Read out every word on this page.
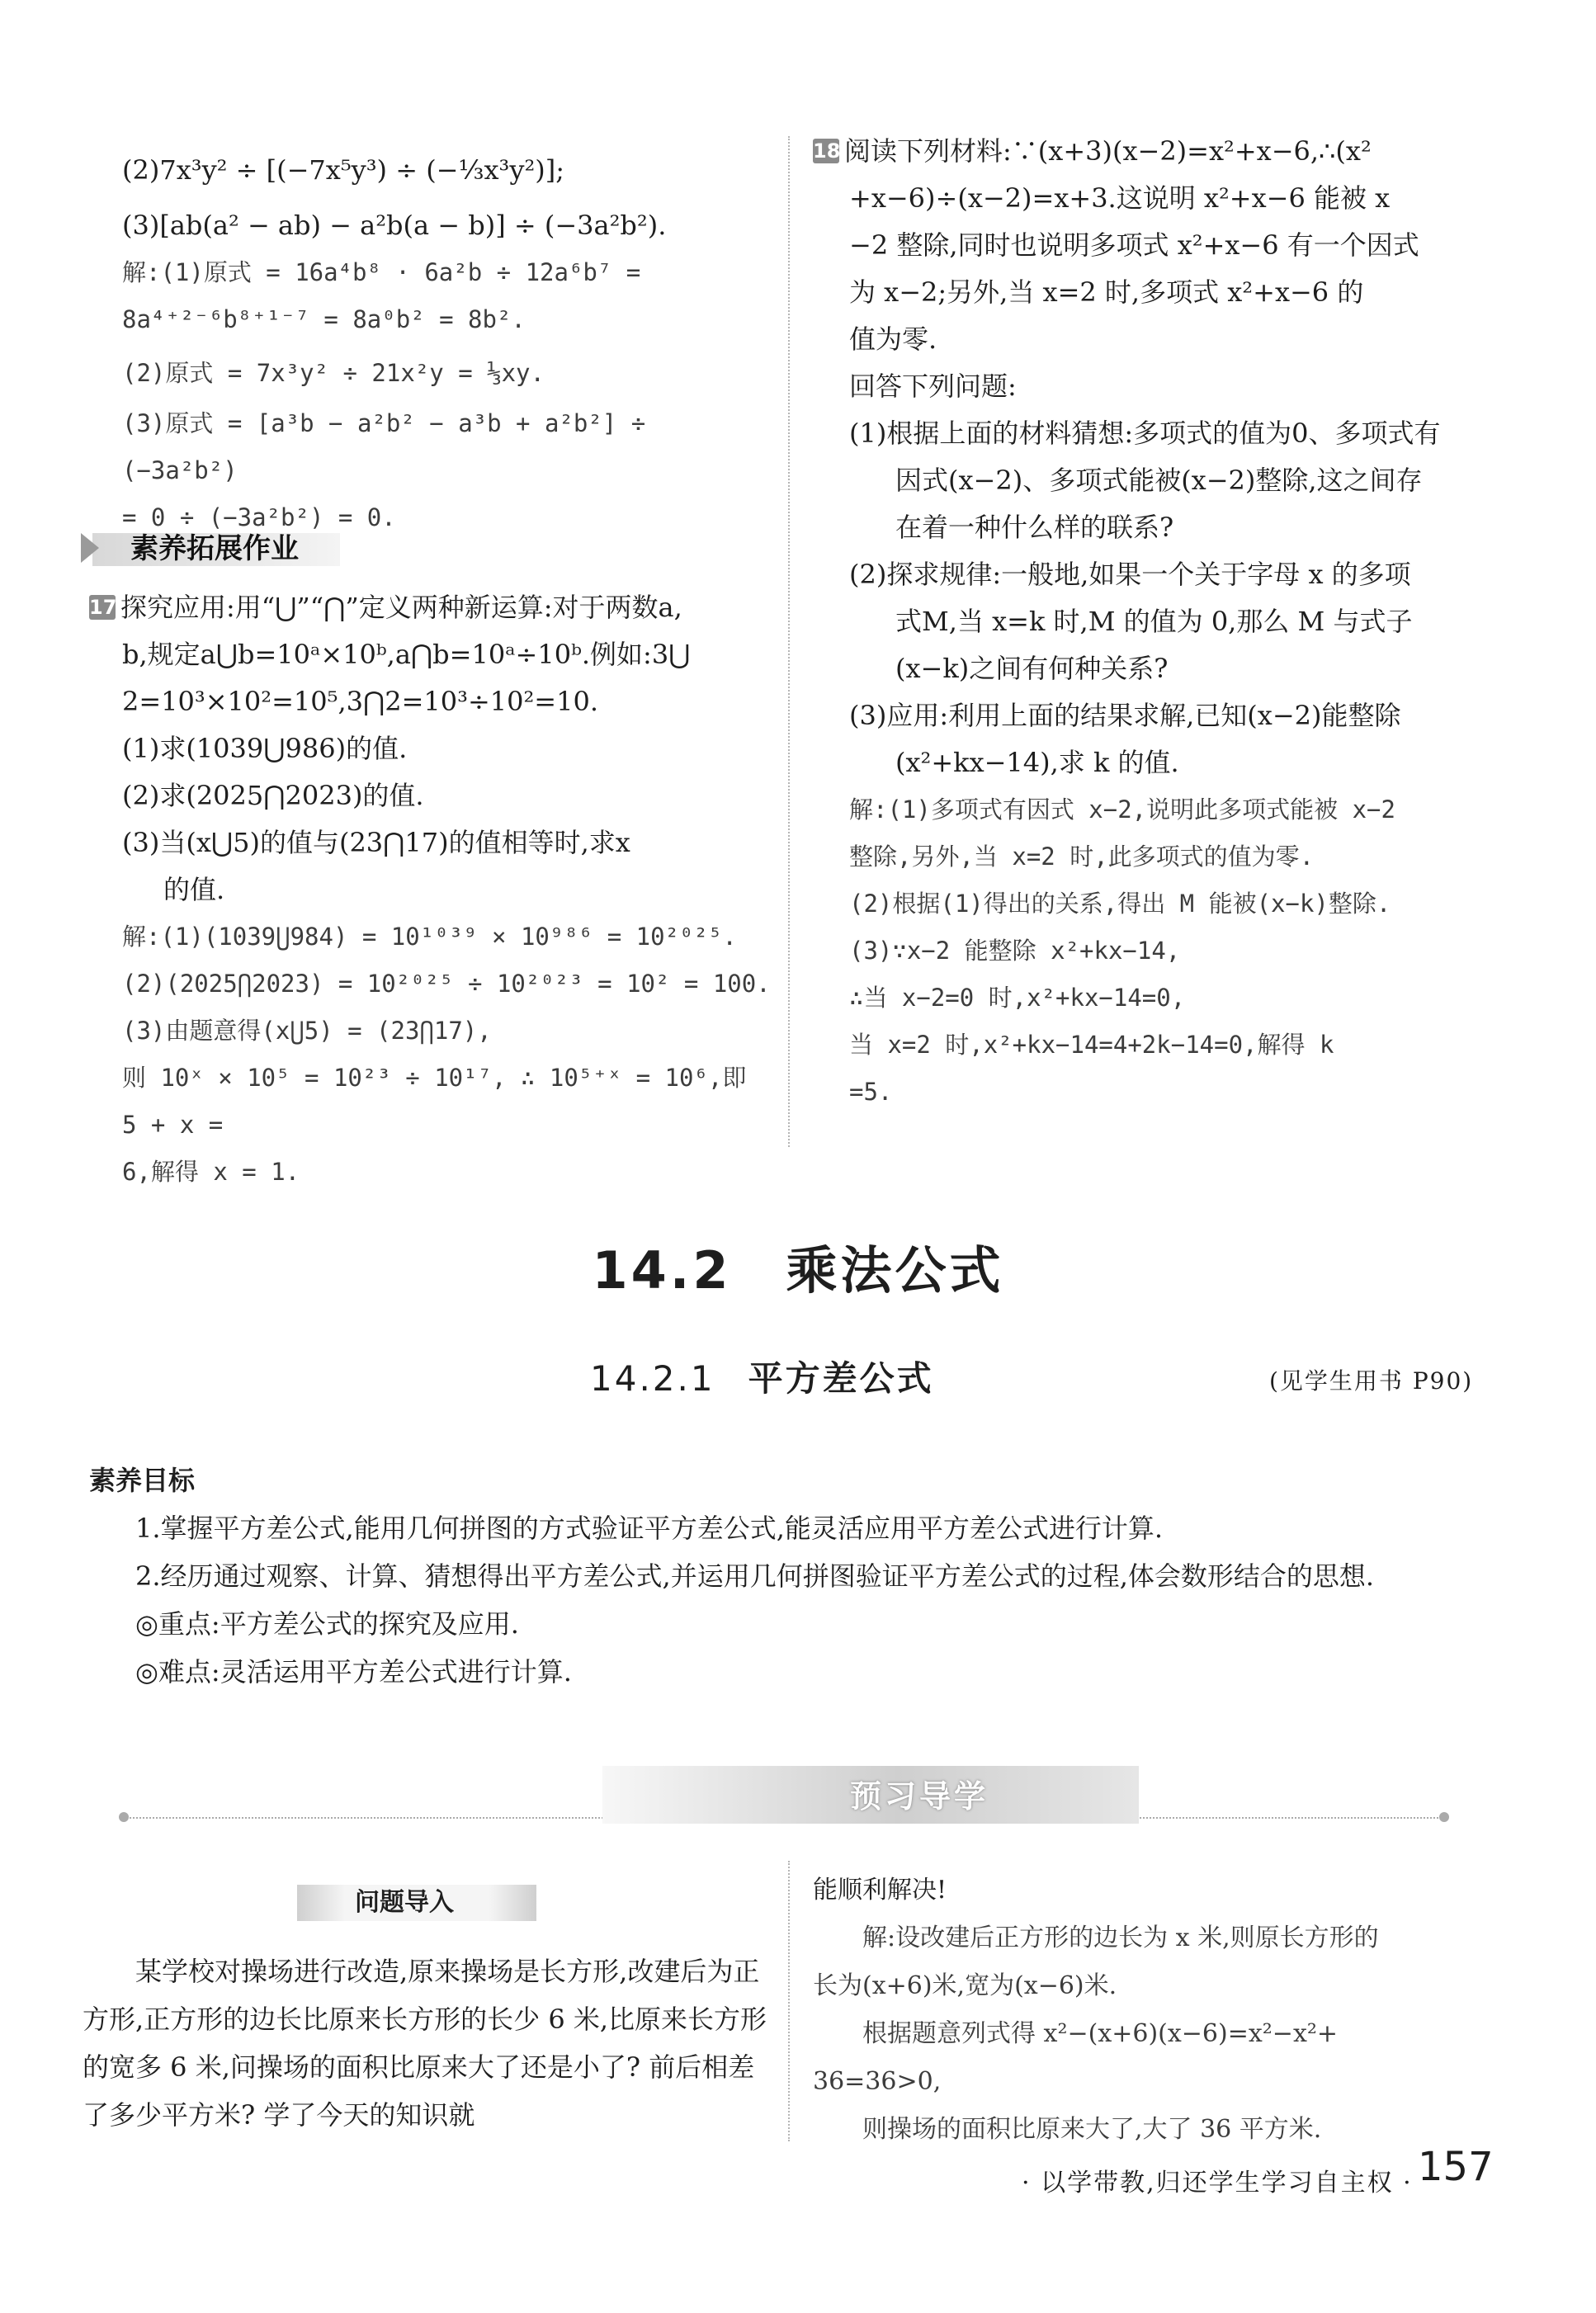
(2)7x³y² ÷ [(−7x⁵y³) ÷ (−⅓x³y²)];

(3)[ab(a² − ab) − a²b(a − b)] ÷ (−3a²b²).

解:(1)原式 = 16a⁴b⁸ · 6a²b ÷ 12a⁶b⁷ =

8a⁴⁺²⁻⁶b⁸⁺¹⁻⁷ = 8a⁰b² = 8b².

(2)原式 = 7x³y² ÷ 21x²y = ⅓xy.

(3)原式 = [a³b − a²b² − a³b + a²b²] ÷ (−3a²b²)

= 0 ÷ (−3a²b²) = 0.

素养拓展作业

17 探究应用:用“⋃”“⋂”定义两种新运算:对于两数a,

b,规定a⋃b=10ᵃ×10ᵇ,a⋂b=10ᵃ÷10ᵇ.例如:3⋃

2=10³×10²=10⁵,3⋂2=10³÷10²=10.

(1)求(1039⋃986)的值.

(2)求(2025⋂2023)的值.

(3)当(x⋃5)的值与(23⋂17)的值相等时,求x

的值.

解:(1)(1039⋃984) = 10¹⁰³⁹ × 10⁹⁸⁶ = 10²⁰²⁵.

(2)(2025⋂2023) = 10²⁰²⁵ ÷ 10²⁰²³ = 10² = 100.

(3)由题意得(x⋃5) = (23⋂17),

则 10ˣ × 10⁵ = 10²³ ÷ 10¹⁷, ∴ 10⁵⁺ˣ = 10⁶,即 5 + x =

6,解得 x = 1.

18 阅读下列材料:∵(x+3)(x−2)=x²+x−6,∴(x²

+x−6)÷(x−2)=x+3.这说明 x²+x−6 能被 x

−2 整除,同时也说明多项式 x²+x−6 有一个因式

为 x−2;另外,当 x=2 时,多项式 x²+x−6 的

值为零.

回答下列问题:

(1)根据上面的材料猜想:多项式的值为0、多项式有

因式(x−2)、多项式能被(x−2)整除,这之间存

在着一种什么样的联系?

(2)探求规律:一般地,如果一个关于字母 x 的多项

式M,当 x=k 时,M 的值为 0,那么 M 与式子

(x−k)之间有何种关系?

(3)应用:利用上面的结果求解,已知(x−2)能整除

(x²+kx−14),求 k 的值.

解:(1)多项式有因式 x−2,说明此多项式能被 x−2

整除,另外,当 x=2 时,此多项式的值为零.

(2)根据(1)得出的关系,得出 M 能被(x−k)整除.

(3)∵x−2 能整除 x²+kx−14,

∴当 x−2=0 时,x²+kx−14=0,

当 x=2 时,x²+kx−14=4+2k−14=0,解得 k

=5.

14.2　乘法公式
14.2.1 平方差公式	(见学生用书 P90)

素养目标

1.掌握平方差公式,能用几何拼图的方式验证平方差公式,能灵活应用平方差公式进行计算.

2.经历通过观察、计算、猜想得出平方差公式,并运用几何拼图验证平方差公式的过程,体会数形结合的思想.

◎重点:平方差公式的探究及应用.

◎难点:灵活运用平方差公式进行计算.

预习导学
问题导入

某学校对操场进行改造,原来操场是长方形,改建后为正方形,正方形的边长比原来长方形的长少 6 米,比原来长方形的宽多 6 米,问操场的面积比原来大了还是小了? 前后相差了多少平方米? 学了今天的知识就

能顺利解决!

解:设改建后正方形的边长为 x 米,则原长方形的

长为(x+6)米,宽为(x−6)米.

根据题意列式得 x²−(x+6)(x−6)=x²−x²+

36=36>0,

则操场的面积比原来大了,大了 36 平方米.

· 以学带教,归还学生学习自主权 · 157
